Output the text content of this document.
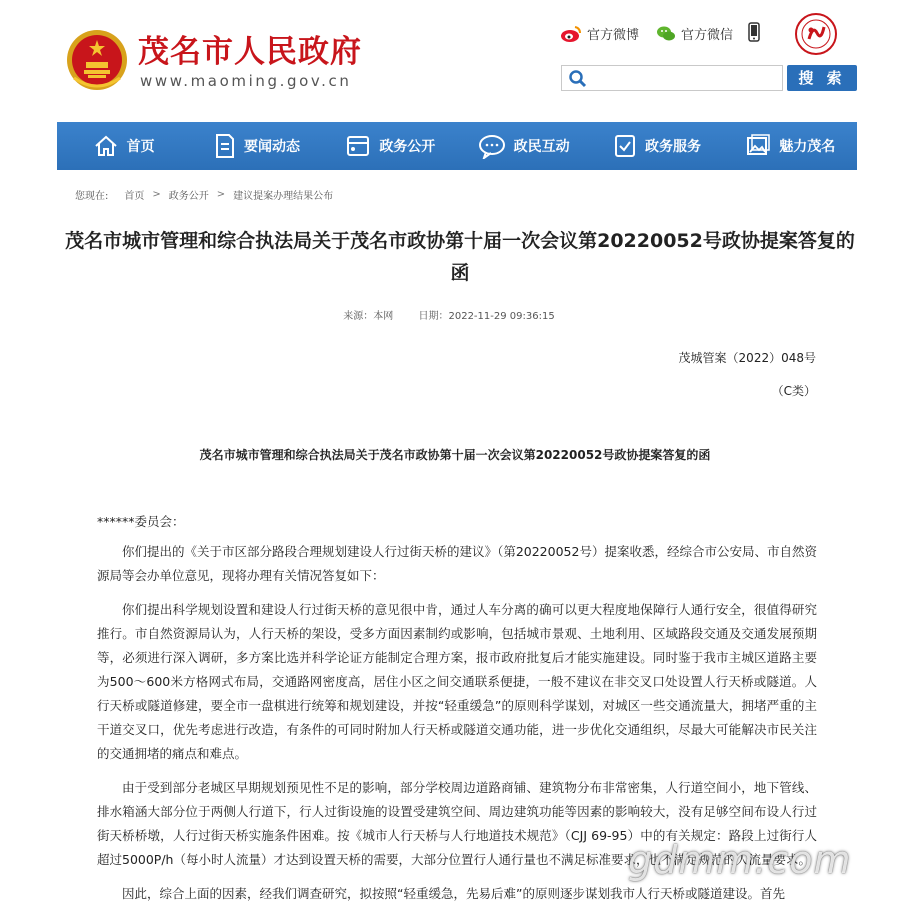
茂名市人民政府
www.maoming.gov.cn
官方微博	官方微信
搜 索
首页	要闻动态	政务公开	政民互动	政务服务	魅力茂名
您现在: 首页 > 政务公开 > 建议提案办理结果公布
茂名市城市管理和综合执法局关于茂名市政协第十届一次会议第20220052号政协提案答复的函
来源：本网	日期：2022-11-29 09:36:15
茂城管案（2022）048号
（C类）
茂名市城市管理和综合执法局关于茂名市政协第十届一次会议第20220052号政协提案答复的函

******委员会：

你们提出的《关于市区部分路段合理规划建设人行过街天桥的建议》（第20220052号）提案收悉，经综合市公安局、市自然资源局等会办单位意见，现将办理有关情况答复如下：

你们提出科学规划设置和建设人行过街天桥的意见很中肯，通过人车分离的确可以更大程度地保障行人通行安全，很值得研究推行。市自然资源局认为，人行天桥的架设，受多方面因素制约或影响，包括城市景观、土地利用、区域路段交通及交通发展预期等，必须进行深入调研，多方案比选并科学论证方能制定合理方案，报市政府批复后才能实施建设。同时鉴于我市主城区道路主要为500～600米方格网式布局，交通路网密度高，居住小区之间交通联系便捷，一般不建议在非交叉口处设置人行天桥或隧道。人行天桥或隧道修建，要全市一盘棋进行统筹和规划建设，并按“轻重缓急”的原则科学谋划，对城区一些交通流量大，拥堵严重的主干道交叉口，优先考虑进行改造，有条件的可同时附加人行天桥或隧道交通功能，进一步优化交通组织，尽最大可能解决市民关注的交通拥堵的痛点和难点。

由于受到部分老城区早期规划预见性不足的影响，部分学校周边道路商铺、建筑物分布非常密集，人行道空间小，地下管线、排水箱涵大部分位于两侧人行道下，行人过街设施的设置受建筑空间、周边建筑功能等因素的影响较大，没有足够空间布设人行过街天桥桥墩，人行过街天桥实施条件困难。按《城市人行天桥与人行地道技术规范》（CJJ 69-95）中的有关规定：路段上过街行人超过5000P/h（每小时人流量）才达到设置天桥的需要，大部分位置行人通行量也不满足标准要求，也不满足规范的人流量要求。

因此，综合上面的因素，经我们调查研究，拟按照“轻重缓急，先易后难”的原则逐步谋划我市人行天桥或隧道建设。首先

gdmm.com
